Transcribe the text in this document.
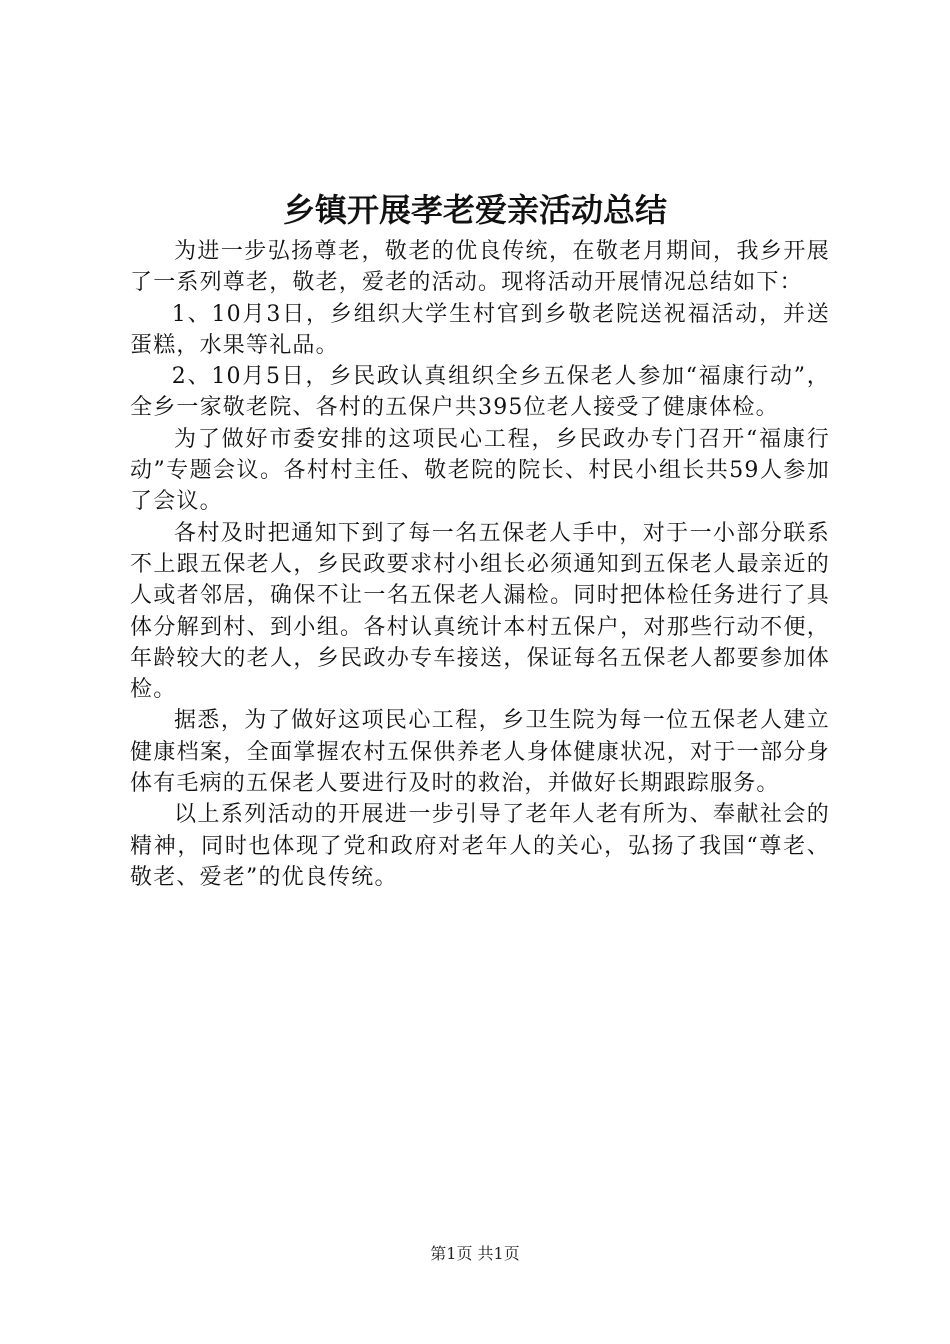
乡镇开展孝老爱亲活动总结

为进一步弘扬尊老，敬老的优良传统，在敬老月期间，我乡开展了一系列尊老，敬老，爱老的活动。现将活动开展情况总结如下：

1、10月3日，乡组织大学生村官到乡敬老院送祝福活动，并送蛋糕，水果等礼品。

2、10月5日，乡民政认真组织全乡五保老人参加“福康行动”，全乡一家敬老院、各村的五保户共395位老人接受了健康体检。

为了做好市委安排的这项民心工程，乡民政办专门召开“福康行动”专题会议。各村村主任、敬老院的院长、村民小组长共59人参加了会议。

各村及时把通知下到了每一名五保老人手中，对于一小部分联系不上跟五保老人，乡民政要求村小组长必须通知到五保老人最亲近的人或者邻居，确保不让一名五保老人漏检。同时把体检任务进行了具体分解到村、到小组。各村认真统计本村五保户，对那些行动不便，年龄较大的老人，乡民政办专车接送，保证每名五保老人都要参加体检。

据悉，为了做好这项民心工程，乡卫生院为每一位五保老人建立健康档案，全面掌握农村五保供养老人身体健康状况，对于一部分身体有毛病的五保老人要进行及时的救治，并做好长期跟踪服务。

以上系列活动的开展进一步引导了老年人老有所为、奉献社会的精神，同时也体现了党和政府对老年人的关心，弘扬了我国“尊老、敬老、爱老”的优良传统。

第1页 共1页
